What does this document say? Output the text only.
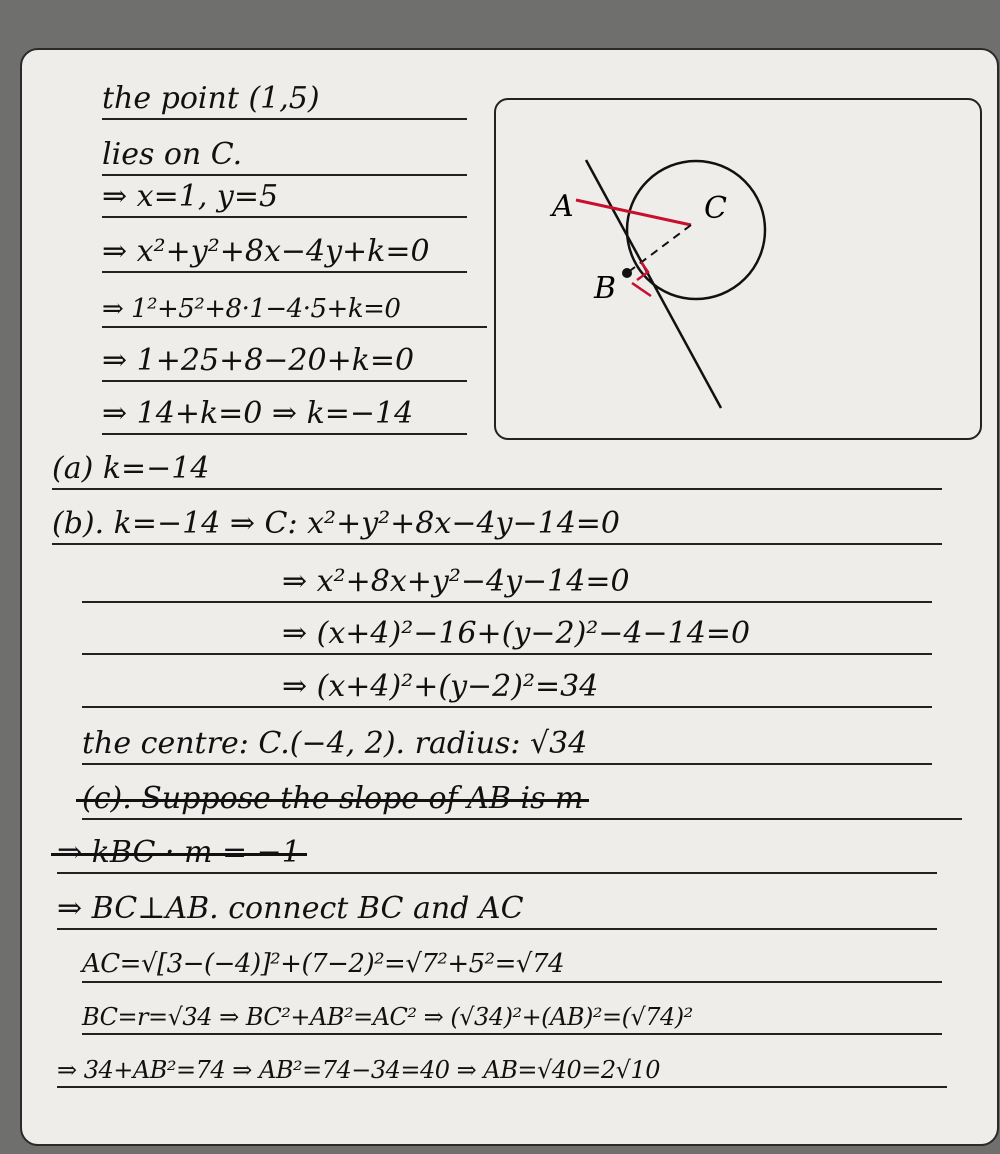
the point (1,5)
lies on C.
⇒ x=1, y=5
⇒ x²+y²+8x−4y+k=0
⇒ 1²+5²+8·1−4·5+k=0
⇒ 1+25+8−20+k=0
⇒ 14+k=0 ⇒ k=−14
A
B
C
(a) k=−14
(b). k=−14 ⇒ C: x²+y²+8x−4y−14=0
⇒ x²+8x+y²−4y−14=0
⇒ (x+4)²−16+(y−2)²−4−14=0
⇒ (x+4)²+(y−2)²=34
the centre: C.(−4, 2). radius: √34
(c). Suppose the slope of AB is m
⇒ kBC · m = −1
⇒ BC⊥AB. connect BC and AC
AC=√[3−(−4)]²+(7−2)²=√7²+5²=√74
BC=r=√34 ⇒ BC²+AB²=AC² ⇒ (√34)²+(AB)²=(√74)²
⇒ 34+AB²=74 ⇒ AB²=74−34=40 ⇒ AB=√40=2√10
